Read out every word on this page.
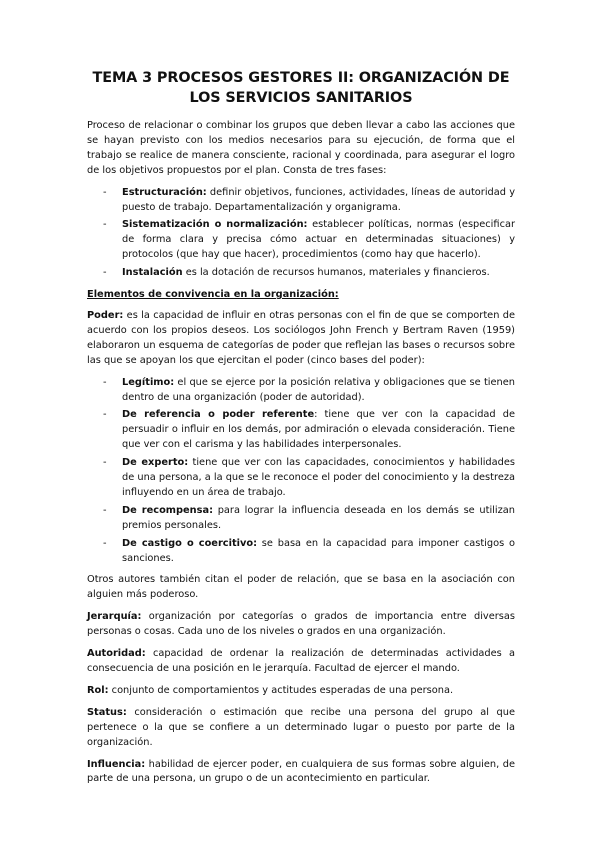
TEMA 3 PROCESOS GESTORES II: ORGANIZACIÓN DE LOS SERVICIOS SANITARIOS

Proceso de relacionar o combinar los grupos que deben llevar a cabo las acciones que se hayan previsto con los medios necesarios para su ejecución, de forma que el trabajo se realice de manera consciente, racional y coordinada, para asegurar el logro de los objetivos propuestos por el plan. Consta de tres fases:

- Estructuración: definir objetivos, funciones, actividades, líneas de autoridad y puesto de trabajo. Departamentalización y organigrama.
- Sistematización o normalización: establecer políticas, normas (especificar de forma clara y precisa cómo actuar en determinadas situaciones) y protocolos (que hay que hacer), procedimientos (como hay que hacerlo).
- Instalación es la dotación de recursos humanos, materiales y financieros.
Elementos de convivencia en la organización:

Poder: es la capacidad de influir en otras personas con el fin de que se comporten de acuerdo con los propios deseos. Los sociólogos John French y Bertram Raven (1959) elaboraron un esquema de categorías de poder que reflejan las bases o recursos sobre las que se apoyan los que ejercitan el poder (cinco bases del poder):

- Legítimo: el que se ejerce por la posición relativa y obligaciones que se tienen dentro de una organización (poder de autoridad).
- De referencia o poder referente: tiene que ver con la capacidad de persuadir o influir en los demás, por admiración o elevada consideración. Tiene que ver con el carisma y las habilidades interpersonales.
- De experto: tiene que ver con las capacidades, conocimientos y habilidades de una persona, a la que se le reconoce el poder del conocimiento y la destreza influyendo en un área de trabajo.
- De recompensa: para lograr la influencia deseada en los demás se utilizan premios personales.
- De castigo o coercitivo: se basa en la capacidad para imponer castigos o sanciones.

Otros autores también citan el poder de relación, que se basa en la asociación con alguien más poderoso.

Jerarquía: organización por categorías o grados de importancia entre diversas personas o cosas. Cada uno de los niveles o grados en una organización.

Autoridad: capacidad de ordenar la realización de determinadas actividades a consecuencia de una posición en le jerarquía. Facultad de ejercer el mando.

Rol: conjunto de comportamientos y actitudes esperadas de una persona.

Status: consideración o estimación que recibe una persona del grupo al que pertenece o la que se confiere a un determinado lugar o puesto por parte de la organización.

Influencia: habilidad de ejercer poder, en cualquiera de sus formas sobre alguien, de parte de una persona, un grupo o de un acontecimiento en particular.
